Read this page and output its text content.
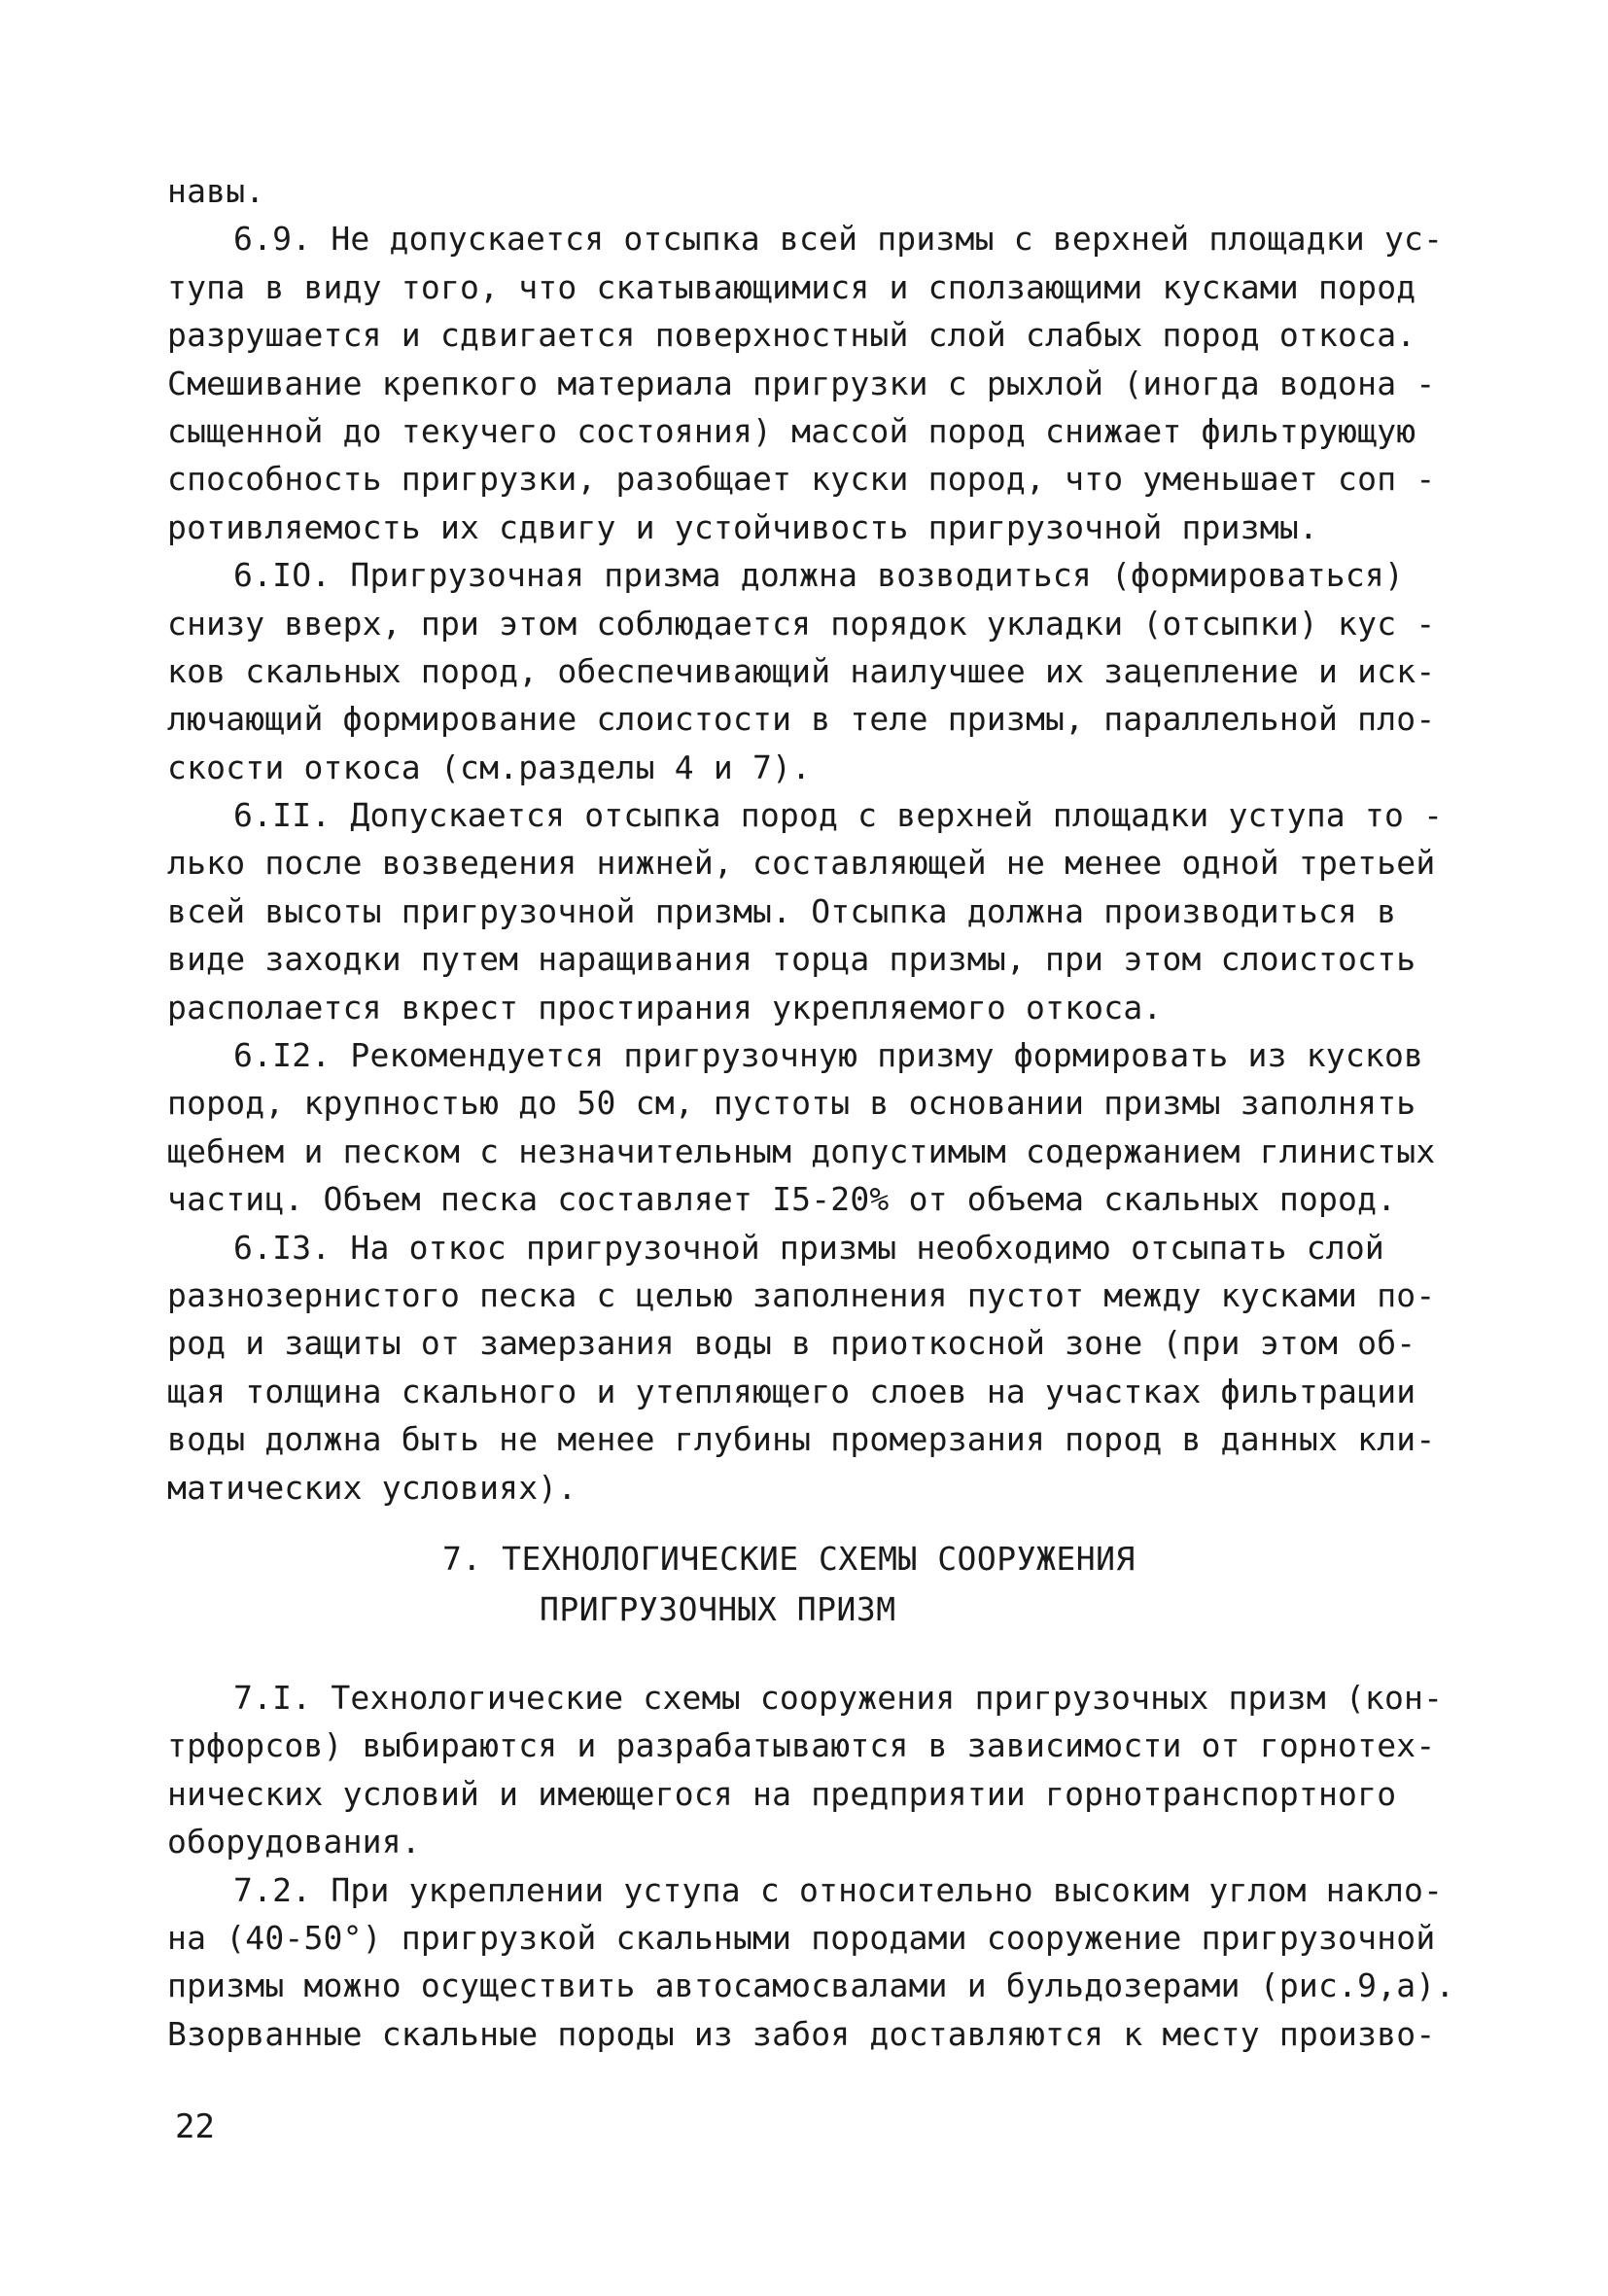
навы.
6.9. Не допускается отсыпка всей призмы с верхней площадки ус-
тупа в виду того, что скатывающимися и сползающими кусками пород
разрушается и сдвигается поверхностный слой слабых пород откоса.
Смешивание крепкого материала пригрузки с рыхлой (иногда водона -
сыщенной до текучего состояния) массой пород снижает фильтрующую
способность пригрузки, разобщает куски пород, что уменьшает соп -
ротивляемость их сдвигу и устойчивость пригрузочной призмы.
6.IO. Пригрузочная призма должна возводиться (формироваться)
снизу вверх, при этом соблюдается порядок укладки (отсыпки) кус -
ков скальных пород, обеспечивающий наилучшее их зацепление и иск-
лючающий формирование слоистости в теле призмы, параллельной пло-
скости откоса (см.разделы 4 и 7).
6.II. Допускается отсыпка пород с верхней площадки уступа то -
лько после возведения нижней, составляющей не менее одной третьей
всей высоты пригрузочной призмы. Отсыпка должна производиться в
виде заходки путем наращивания торца призмы, при этом слоистость
располается вкрест простирания укрепляемого откоса.
6.I2. Рекомендуется пригрузочную призму формировать из кусков
пород, крупностью до 50 см, пустоты в основании призмы заполнять
щебнем и песком с незначительным допустимым содержанием глинистых
частиц. Объем песка составляет I5-20% от объема скальных пород.
6.I3. На откос пригрузочной призмы необходимо отсыпать слой
разнозернистого песка с целью заполнения пустот между кусками по-
род и защиты от замерзания воды в приоткосной зоне (при этом об-
щая толщина скального и утепляющего слоев на участках фильтрации
воды должна быть не менее глубины промерзания пород в данных кли-
матических условиях).
7. ТЕХНОЛОГИЧЕСКИЕ СХЕМЫ СООРУЖЕНИЯ
ПРИГРУЗОЧНЫХ ПРИЗМ
7.I. Технологические схемы сооружения пригрузочных призм (кон-
трфорсов) выбираются и разрабатываются в зависимости от горнотех-
нических условий и имеющегося на предприятии горнотранспортного
оборудования.
7.2. При укреплении уступа с относительно высоким углом накло-
на (40-50°) пригрузкой скальными породами сооружение пригрузочной
призмы можно осуществить автосамосвалами и бульдозерами (рис.9,а).
Взорванные скальные породы из забоя доставляются к месту произво-
22
